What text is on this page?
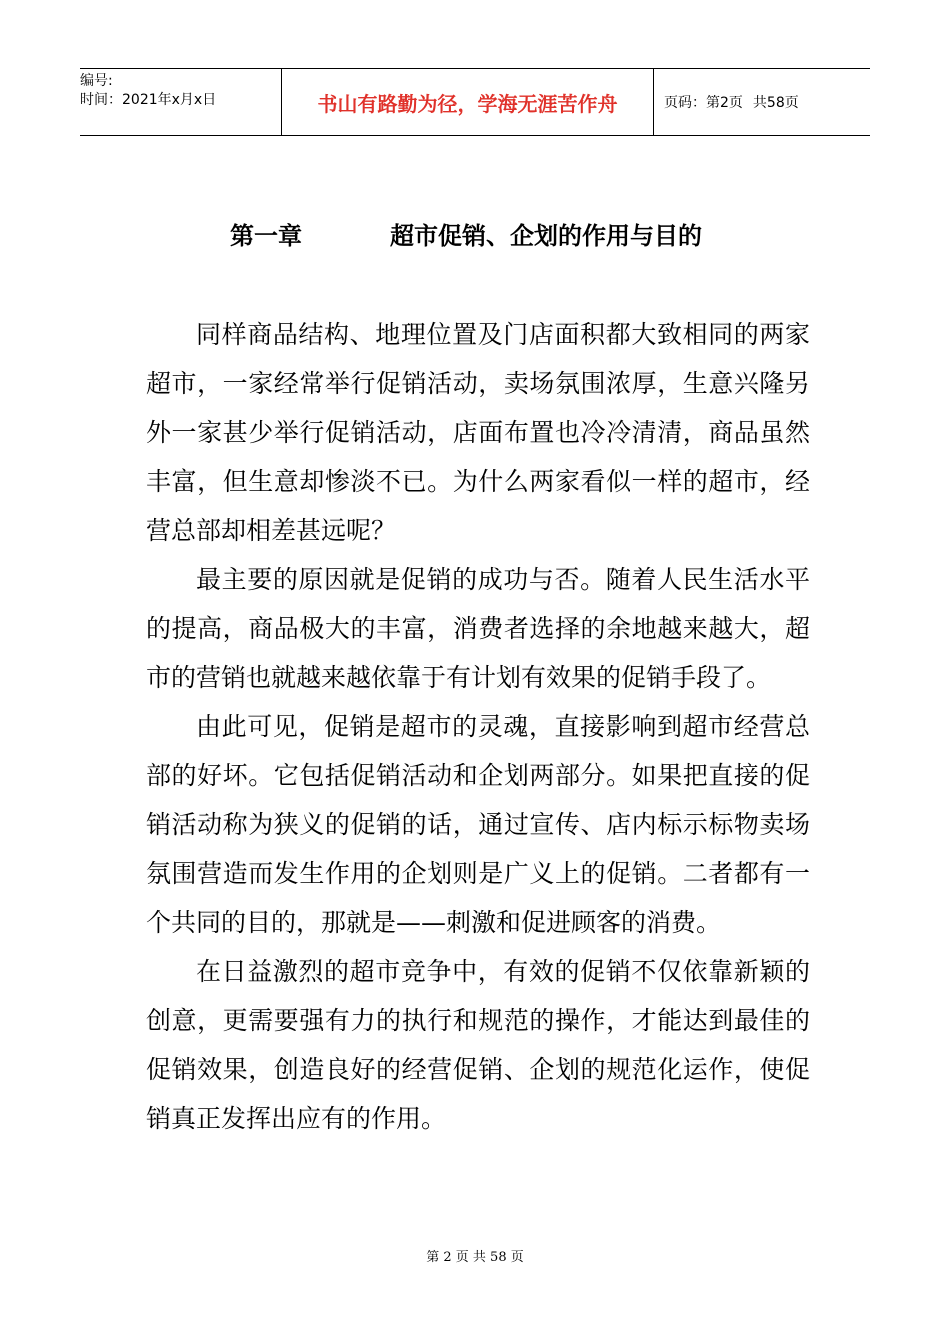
编号:
时间：2021年x月x日	书山有路勤为径，学海无涯苦作舟	页码：第2页 共58页
第一章	超市促销、企划的作用与目的

同样商品结构、地理位置及门店面积都大致相同的两家超市，一家经常举行促销活动，卖场氛围浓厚，生意兴隆另外一家甚少举行促销活动，店面布置也冷冷清清，商品虽然丰富，但生意却惨淡不已。为什么两家看似一样的超市，经营总部却相差甚远呢？

最主要的原因就是促销的成功与否。随着人民生活水平的提高，商品极大的丰富，消费者选择的余地越来越大，超市的营销也就越来越依靠于有计划有效果的促销手段了。

由此可见，促销是超市的灵魂，直接影响到超市经营总部的好坏。它包括促销活动和企划两部分。如果把直接的促销活动称为狭义的促销的话，通过宣传、店内标示标物卖场氛围营造而发生作用的企划则是广义上的促销。二者都有一个共同的目的，那就是——刺激和促进顾客的消费。

在日益激烈的超市竞争中，有效的促销不仅依靠新颖的创意，更需要强有力的执行和规范的操作，才能达到最佳的促销效果，创造良好的经营促销、企划的规范化运作，使促销真正发挥出应有的作用。

第 2 页 共 58 页
